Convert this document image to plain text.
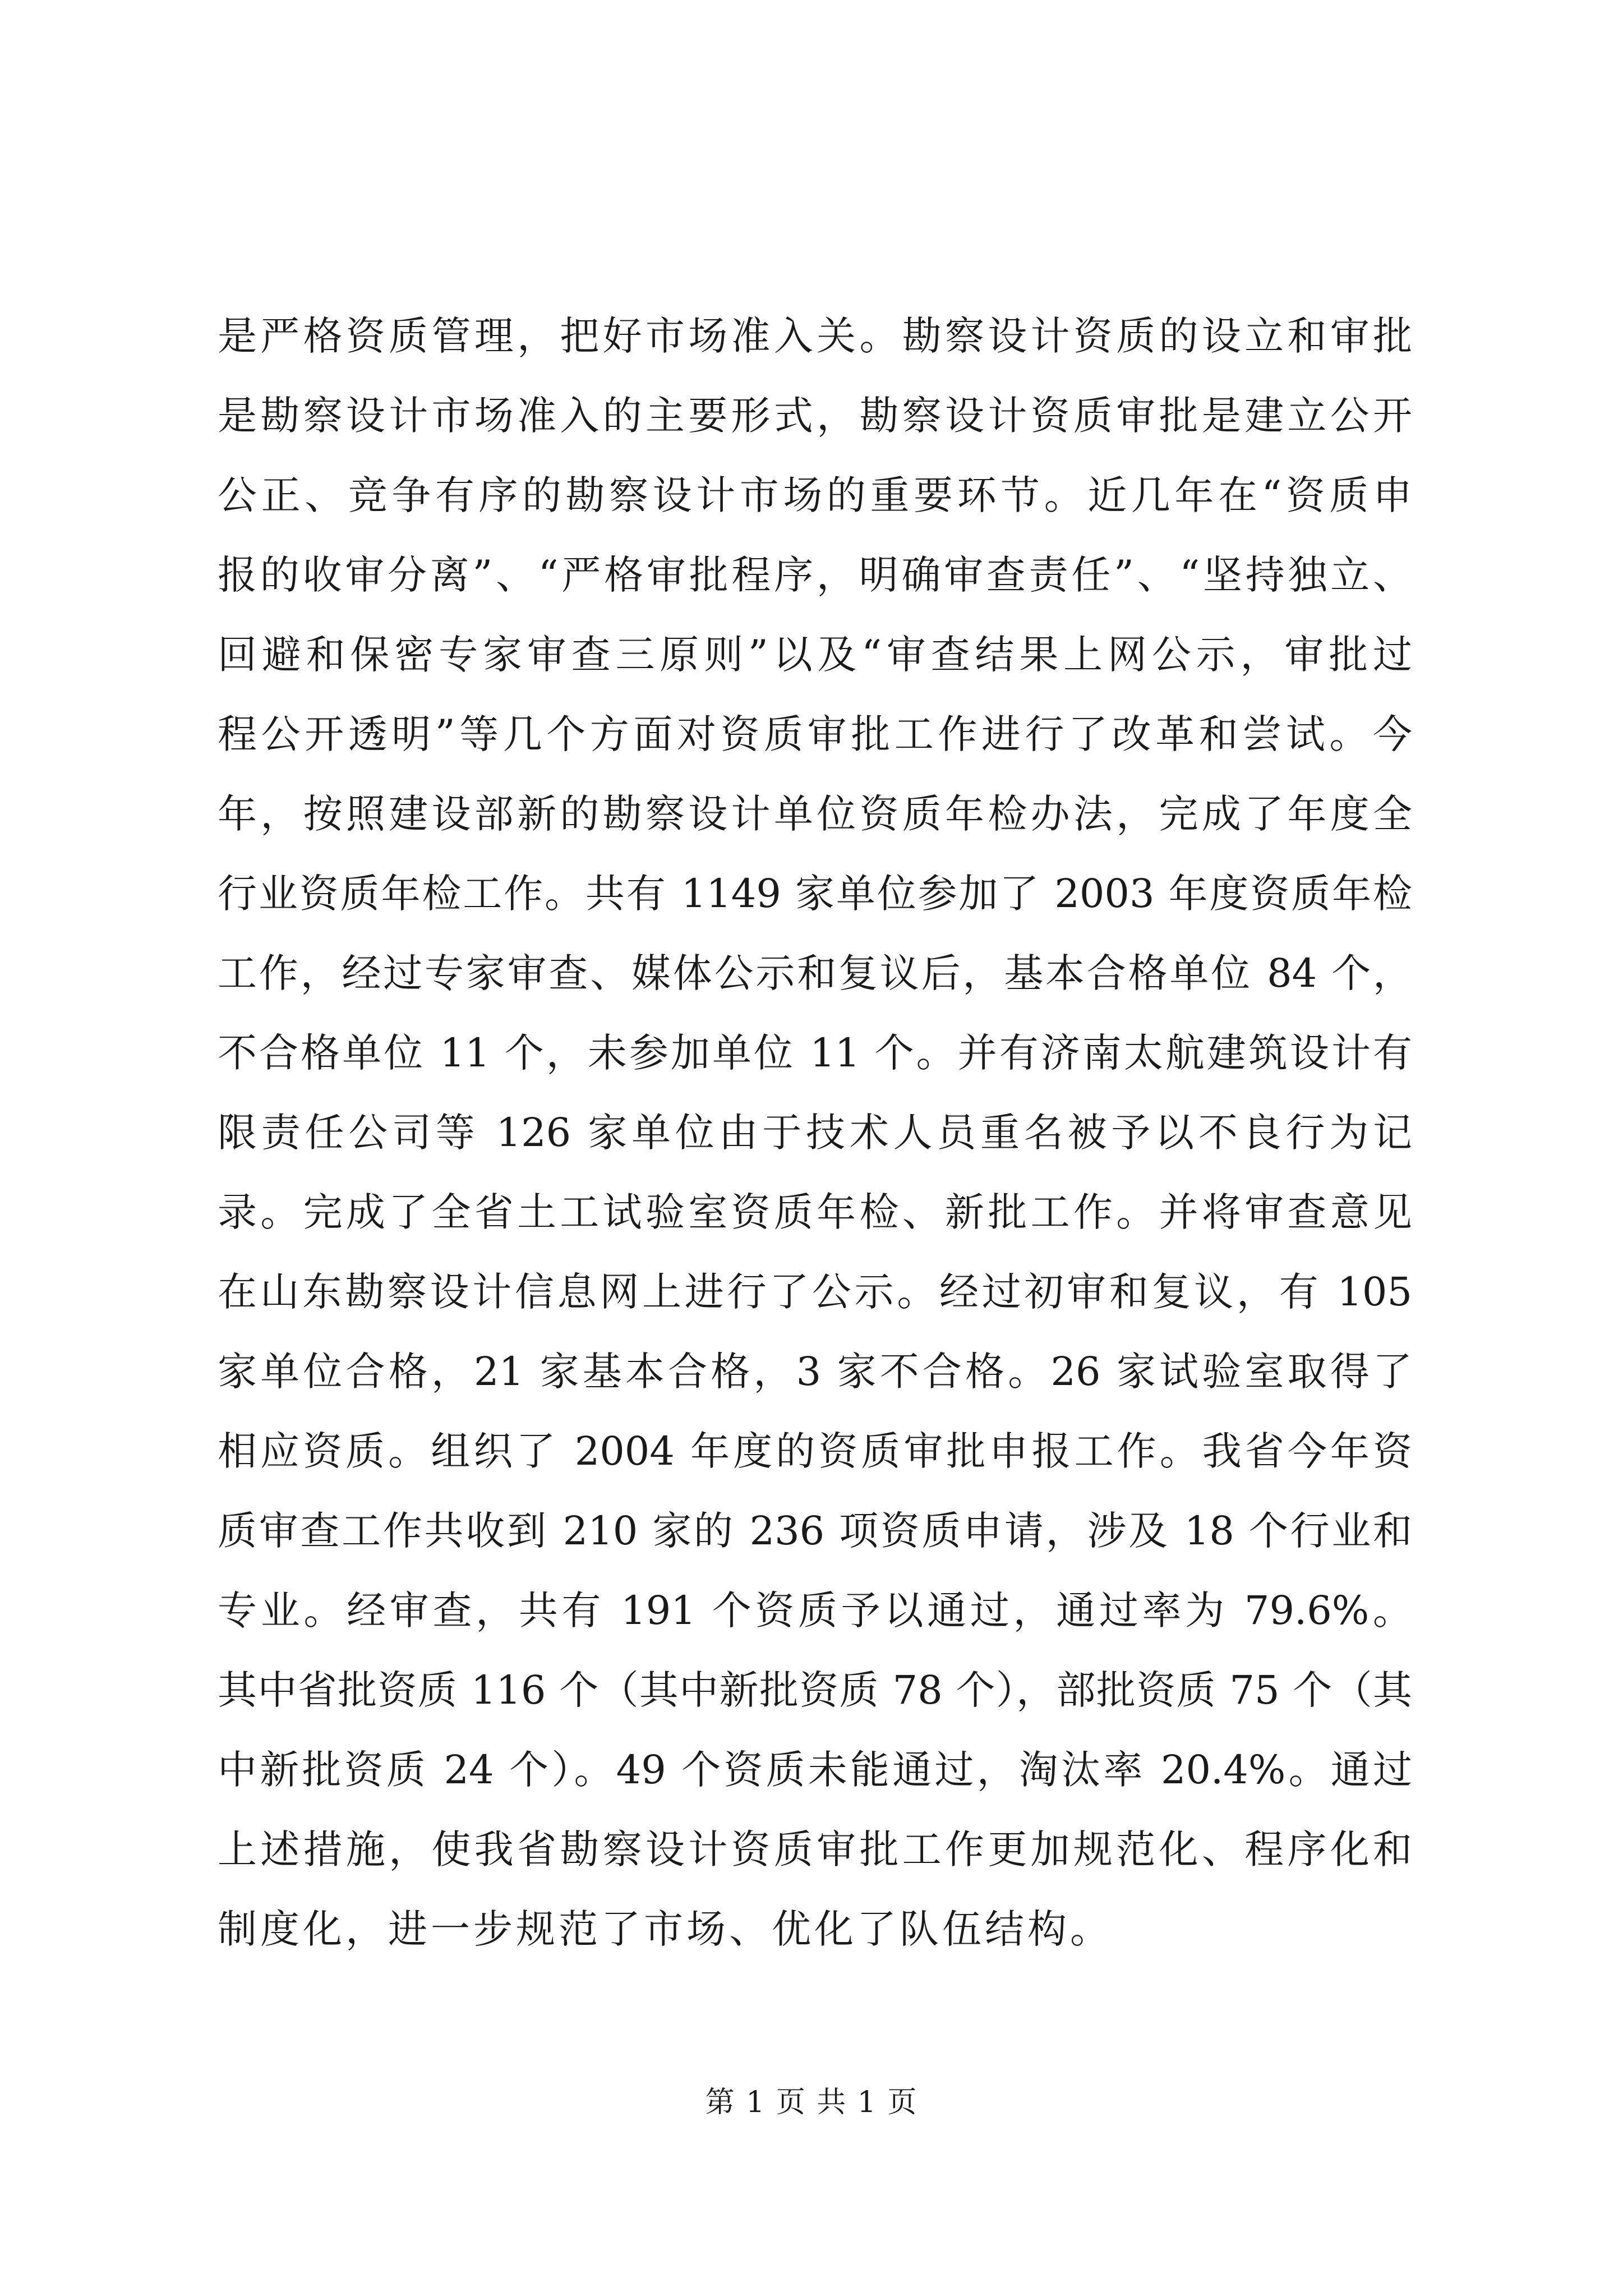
是严格资质管理，把好市场准入关。勘察设计资质的设立和审批
是勘察设计市场准入的主要形式，勘察设计资质审批是建立公开
公正、竞争有序的勘察设计市场的重要环节。近几年在“资质申
报的收审分离”、“严格审批程序，明确审查责任”、“坚持独立、
回避和保密专家审查三原则”以及“审查结果上网公示，审批过
程公开透明”等几个方面对资质审批工作进行了改革和尝试。今
年，按照建设部新的勘察设计单位资质年检办法，完成了年度全
行业资质年检工作。共有 1149 家单位参加了 2003 年度资质年检
工作，经过专家审查、媒体公示和复议后，基本合格单位 84 个，
不合格单位 11 个，未参加单位 11 个。并有济南太航建筑设计有
限责任公司等 126 家单位由于技术人员重名被予以不良行为记
录。完成了全省土工试验室资质年检、新批工作。并将审查意见
在山东勘察设计信息网上进行了公示。经过初审和复议，有 105
家单位合格，21 家基本合格，3 家不合格。26 家试验室取得了
相应资质。组织了 2004 年度的资质审批申报工作。我省今年资
质审查工作共收到 210 家的 236 项资质申请，涉及 18 个行业和
专业。经审查，共有 191 个资质予以通过，通过率为 79.6%。
其中省批资质 116 个（其中新批资质 78 个），部批资质 75 个（其
中新批资质 24 个）。49 个资质未能通过，淘汰率 20.4%。通过
上述措施，使我省勘察设计资质审批工作更加规范化、程序化和
制度化，进一步规范了市场、优化了队伍结构。
第 1 页 共 1 页
